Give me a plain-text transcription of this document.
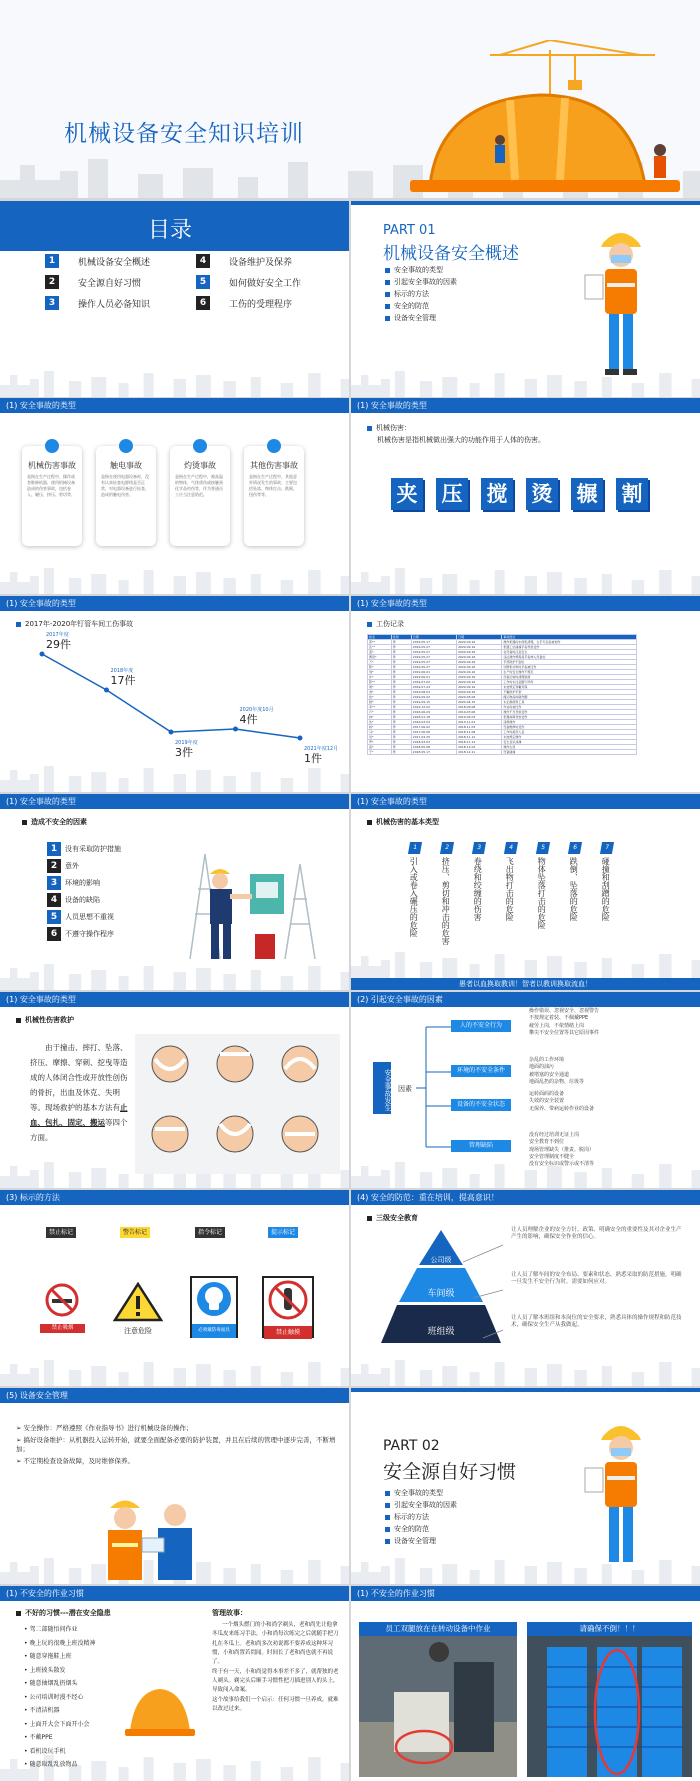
机械设备安全知识培训
目录
1	机械设备安全概述
2	安全源自好习惯
3	操作人员必备知识
4	设备维护及保养
5	如何做好安全工作
6	工伤的受理程序
PART 01
机械设备安全概述
安全事故的类型
引起安全事故的因素
标示的方法
安全的防范
设备安全管理
(1) 安全事故的类型
机械伤害事故
是指在生产过程中，操作或者维修机器，使用机械设备造成的伤害事故，包括卷入、碾压、挤压、剪切等。
触电事故
是指在使用电器设备时，没有认真检查电源线是否正常，对电器设备进行检查，造成的触电伤害。
灼烫事故
是指在生产过程中，被高温的物体，气体烫伤或接触到化学品灼伤等，作为普通员工应当注意防范。
其他伤害事故
是指在生产过程中，其他意外情况发生的事故，主要包括坠落、物体打击、跌倒、扭伤等等。
(1) 安全事故的类型
机械伤害：
机械伤害是指机械做出强大的功能作用于人体的伤害。
夹 压 搅 烫 辗 割
(1) 安全事故的类型
2017年-2020年钉管车间工伤事故
2017年度
29件
2018年度
17件
2019年度
3件
2020年度10月
4件
2021年度12月
1件
(1) 安全事故的类型
工伤记录
姓名	性别	日期	日期	事故经过
邵**	男	2019.05.17	2020.09.16	操作机器时未停机清理，左手无名指被划伤
张**	男	2019.05.27	2020.09.16	机器工位碰撞手指导致受伤
蓝*	男	2019.05.27	2020.09.16	在设备时注意安全
曹思*	男	2019.05.27	2020.09.16	违反操作规程将手指伸入设备处
万*	男	2019.05.27	2020.09.16	手部防护不到位
陈*	男	2019.05.27	2020.09.16	切断机切料时手指被压伤
刘*	男	2019.06.01	2020.09.16	生产时安全操作不规范
许*	男	2019.06.01	2020.09.16	设备运转时清理铁屑
陈**	男	2019.07.02	2020.09.16	工作时未注意脚下摔伤
周*	男	2019.07.24	2020.09.16	未按规定穿戴劳保
刘*	男	2019.08.03	2020.09.16	不戴防护手套
欧*	男	2019.09.02	2020.05.06	搬运物品时砸伤脚
顾*	男	2019.09.15	2020.04.15	未正确使用工具
李**	男	2019.12.02	2018.09.08	作业时被压伤
卢*	男	2016.06.29	2019.03.06	操作不当导致受伤
林*	男	2016.01.18	2019.04.03	机器故障导致受伤
沈*	男	2016.03.04	2019.11.01	违规操作
杨*	男	2017.06.02	2018.11.03	设备维修时受伤
马*	男	2017.06.08	2018.11.08	工作时疏忽大意
田*	男	2017.04.25	2018.11.12	未按规定操作
罗*	男	2018.03.03	2018.11.12	安全意识淡薄
高*	男	2018.05.08	2018.12.02	操作失误
于*	男	2018.05.17	2018.12.11	设备碰撞
(1) 安全事故的类型
造成不安全的因素
1	没有采取防护措施
2	意外
3	环境的影响
4	设备的缺陷
5	人员思想不重视
6	不遵守操作程序
(1) 安全事故的类型
机械伤害的基本类型
1
引入或卷入碾压的危险
2
挤压、剪切和冲击的危害
3
卷绕和绞缠的伤害
4
飞出物打击的危险
5
物体坠落打击的危险
6
跌倒、坠落的危险
7
碰撞和刮蹭的危险
愚者以血换取教训！智者以教训换取流血！
(1) 安全事故的类型
机械性伤害救护
由于撞击、摔打、坠落、挤压、摩擦、穿刺、挖曳等造成的人体闭合性或开放性创伤的骨折，出血及休克、失明等。现场救护的基本方法有止血、包扎、固定、搬运等四个方面。
(2) 引起安全事故的因素
安全事故发生 因素
人的不安全行为
操作错误、忽视安全、忽视警告
不按规定着装、不佩戴PPE
疲劳上岗，不依情绪上岗
攀尖不安全位置等其它原因事件
环境的不安全条件
杂乱的工作环境
地面的油污
被堵塞的安全通道
地面乱扔的杂物、垃圾等
设备的不安全状态
运转面码的设备
失效的安全装置
无保养、带病运转作业的设备
管理缺陷
没有经过培训无证上岗
安全教育不到位
现场管理缺失（推责、脱岗）
安全管理制度不健全
没有安全标识或警示或不清等
(3) 标示的方法
禁止标记	警告标记	指令标记	提示标记
禁止吸烟	注意危险	必须戴防毒面具	禁止触摸
(4) 安全的防范：重在培训，提高意识！
三级安全教育
公司级
车间级
班组级
让人员理解企业的安全方针、政策、明确安全的重要性及其对企业生产产生的影响，确保安全作业的信心。
让人员了解车间的安全布局、要素和状态，熟悉采取的防范措施，明确一旦发生不安全行为时，需要如何应对。
让人员了解本班组和本岗位的安全要求，熟悉具体的操作规程和防范技术，确保安全生产从我做起。
(5) 设备安全管理
➢ 安全操作：严格遵照《作业指导书》进行机械设备的操作；
➢ 搞好设备维护：从机器投入运转开始，就要全面配备必要的防护装置，并且在后续的管理中逐步完善，不断增加；
➢ 不定期检查设备故障，及时维修保养。
PART 02
安全源自好习惯
安全事故的类型
引起安全事故的因素
标示的方法
安全的防范
设备安全管理
(1) 不安全的作业习惯
不好的习惯---潜在安全隐患
• 驾二部随悟问作业
• 晚上玩的很晚上班没精神
• 随意穿拖鞋上班
• 上班披头散发
• 随意抽烟乱扔烟头
• 公司培训时漫不经心
• 不清洁机器
• 上面开大会下面开小会
• 不戴PPE
• 看机设玩手机
• 随意取乱乱放物品
管理故事：
一个烟头燃门的小和尚学剃头，老和尚先让他拿冬瓜皮来练习手法，小和尚每次练完之后就随手把刀扎在冬瓜上。老和尚多次劝说都不要养成这种坏习惯，小和尚置若罔闻。时间长了老和尚也就不再说了。
终于有一天，小和尚觉得本事差不多了，就帮独的老人剃头。剃完头后顺手习惯性把刀插进别人的头上，导致闯入命案。
这个故事给我们一个启示：任何习惯一旦养成，就难以改过过来。
(1) 不安全的作业习惯
员工双腿放在在转动设备中作业	请确保不倒！！！
